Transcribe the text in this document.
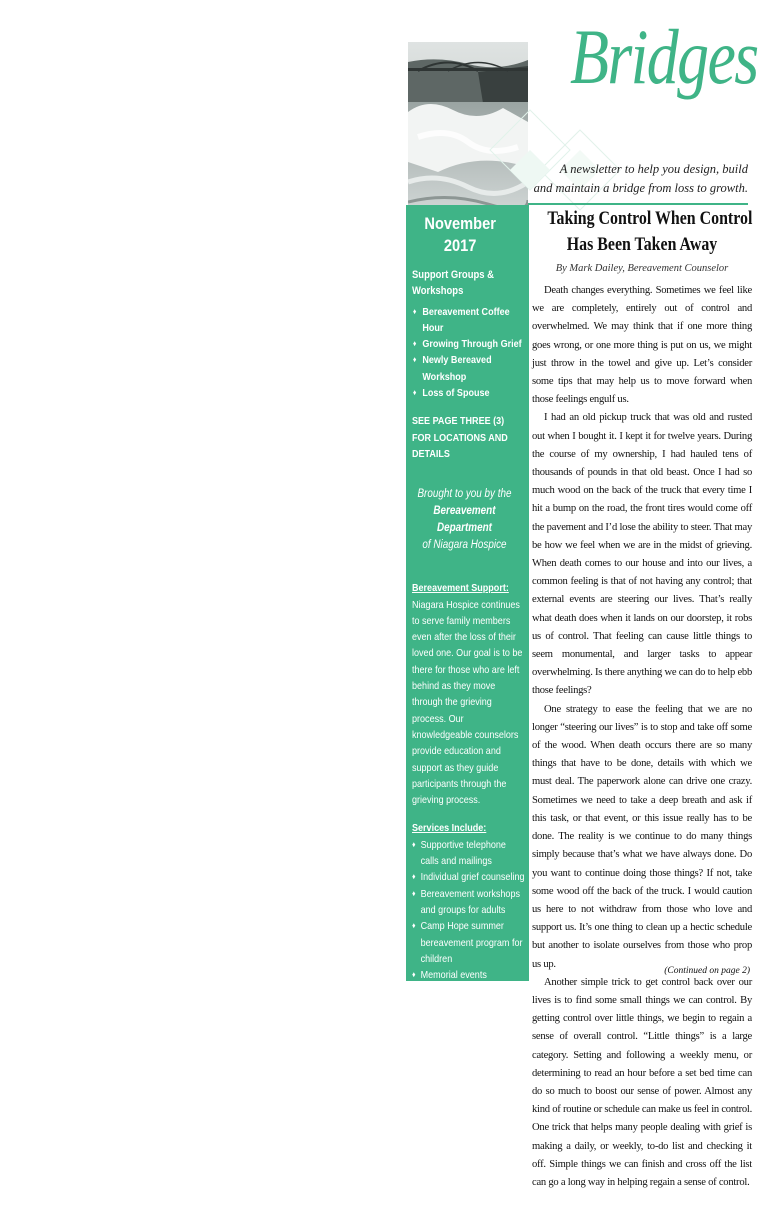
Bridges
A newsletter to help you design, build
and maintain a bridge from loss to growth.
November 2017
Support Groups & Workshops
♦ Bereavement Coffee Hour
♦ Growing Through Grief
♦ Newly Bereaved Workshop
♦ Loss of Spouse
SEE PAGE THREE (3) FOR LOCATIONS AND DETAILS
Brought to you by the
Bereavement Department
of Niagara Hospice
Bereavement Support: Niagara Hospice continues to serve family members even after the loss of their loved one. Our goal is to be there for those who are left behind as they move through the grieving process. Our knowledgeable counselors provide education and support as they guide participants through the grieving process.
Services Include:
♦ Supportive telephone calls and mailings
♦ Individual grief counseling
♦ Bereavement workshops and groups for adults
♦ Camp Hope summer bereavement program for children
♦ Memorial events throughout the year
♦ Healing Words Grief Library
♦ Information and referral services
♦ Bridges monthly newsletter
Please note: Our services are designed for bereavement education and support. They are NOT meant to replace or mitigate mental health counseling or psychotherapy.
Taking Control When Control
Has Been Taken Away
By Mark Dailey, Bereavement Counselor

Death changes everything. Sometimes we feel like we are completely, entirely out of control and overwhelmed. We may think that if one more thing goes wrong, or one more thing is put on us, we might just throw in the towel and give up. Let’s consider some tips that may help us to move forward when those feelings engulf us.

I had an old pickup truck that was old and rusted out when I bought it. I kept it for twelve years. During the course of my ownership, I had hauled tens of thousands of pounds in that old beast. Once I had so much wood on the back of the truck that every time I hit a bump on the road, the front tires would come off the pavement and I’d lose the ability to steer. That may be how we feel when we are in the midst of grieving. When death comes to our house and into our lives, a common feeling is that of not having any control; that external events are steering our lives. That’s really what death does when it lands on our doorstep, it robs us of control. That feeling can cause little things to seem monumental, and larger tasks to appear overwhelming. Is there anything we can do to help ebb those feelings?

One strategy to ease the feeling that we are no longer “steering our lives” is to stop and take off some of the wood. When death occurs there are so many things that have to be done, details with which we must deal. The paperwork alone can drive one crazy. Sometimes we need to take a deep breath and ask if this task, or that event, or this issue really has to be done. The reality is we continue to do many things simply because that’s what we have always done. Do you want to continue doing those things? If not, take some wood off the back of the truck. I would caution us here to not withdraw from those who love and support us. It’s one thing to clean up a hectic schedule but another to isolate ourselves from those who prop us up.

Another simple trick to get control back over our lives is to find some small things we can control. By getting control over little things, we begin to regain a sense of overall control. “Little things” is a large category. Setting and following a weekly menu, or determining to read an hour before a set bed time can do so much to boost our sense of power. Almost any kind of routine or schedule can make us feel in control. One trick that helps many people dealing with grief is making a daily, or weekly, to-do list and checking it off. Simple things we can finish and cross off the list can go a long way in helping regain a sense of control.

(Continued on page 2)
